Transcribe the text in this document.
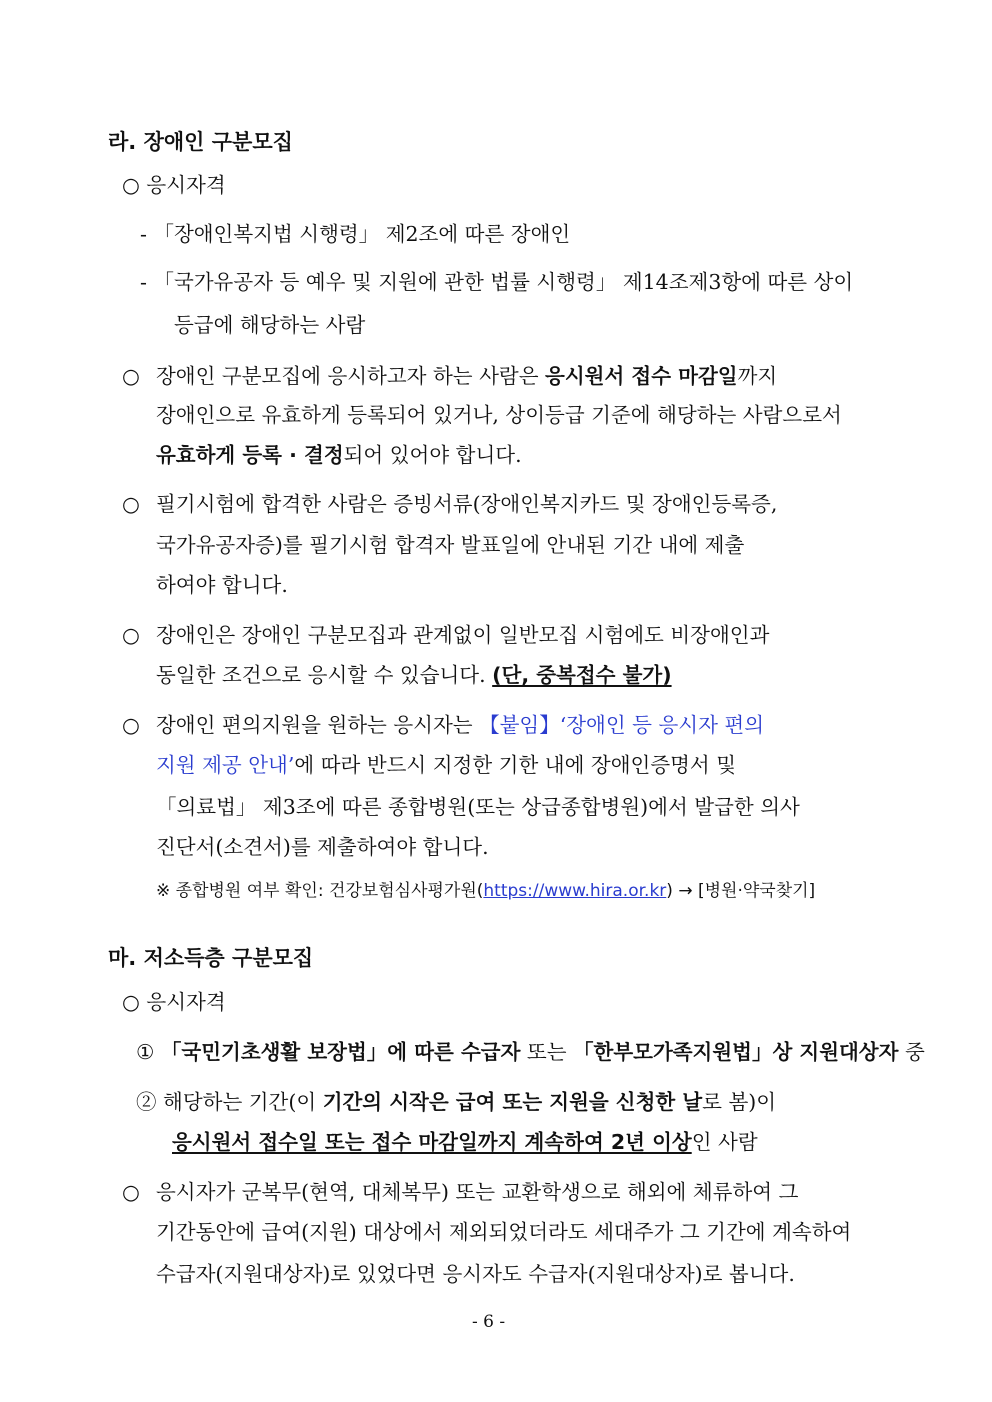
라. 장애인 구분모집
○ 응시자격
- 「장애인복지법 시행령」 제2조에 따른 장애인
- 「국가유공자 등 예우 및 지원에 관한 법률 시행령」 제14조제3항에 따른 상이
등급에 해당하는 사람
○ 장애인 구분모집에 응시하고자 하는 사람은 응시원서 접수 마감일까지
장애인으로 유효하게 등록되어 있거나, 상이등급 기준에 해당하는 사람으로서
유효하게 등록 · 결정되어 있어야 합니다.
○ 필기시험에 합격한 사람은 증빙서류(장애인복지카드 및 장애인등록증,
국가유공자증)를 필기시험 합격자 발표일에 안내된 기간 내에 제출
하여야 합니다.
○ 장애인은 장애인 구분모집과 관계없이 일반모집 시험에도 비장애인과
동일한 조건으로 응시할 수 있습니다. (단, 중복접수 불가)
○ 장애인 편의지원을 원하는 응시자는 【붙임】‘장애인 등 응시자 편의
지원 제공 안내’에 따라 반드시 지정한 기한 내에 장애인증명서 및
「의료법」 제3조에 따른 종합병원(또는 상급종합병원)에서 발급한 의사
진단서(소견서)를 제출하여야 합니다.
※ 종합병원 여부 확인: 건강보험심사평가원(https://www.hira.or.kr) → [병원·약국찾기]
마. 저소득층 구분모집
○ 응시자격
① 「국민기초생활 보장법」에 따른 수급자 또는 「한부모가족지원법」상 지원대상자 중
② 해당하는 기간(이 기간의 시작은 급여 또는 지원을 신청한 날로 봄)이
응시원서 접수일 또는 접수 마감일까지 계속하여 2년 이상인 사람
○ 응시자가 군복무(현역, 대체복무) 또는 교환학생으로 해외에 체류하여 그
기간동안에 급여(지원) 대상에서 제외되었더라도 세대주가 그 기간에 계속하여
수급자(지원대상자)로 있었다면 응시자도 수급자(지원대상자)로 봅니다.
- 6 -
